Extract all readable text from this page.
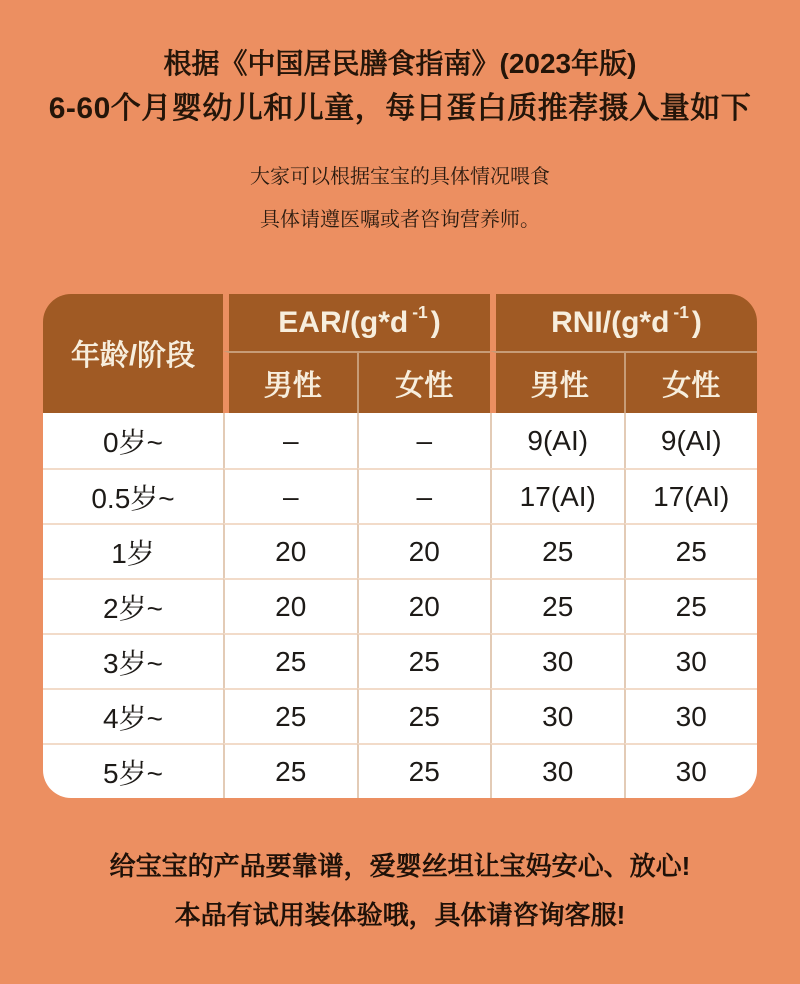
根据《中国居民膳食指南》(2023年版)
6-60个月婴幼儿和儿童，每日蛋白质推荐摄入量如下
大家可以根据宝宝的具体情况喂食
具体请遵医嘱或者咨询营养师。
年龄/阶段
EAR/(g*d -1 )	RNI/(g*d -1 )
男性	女性	男性	女性
0岁~	–	–	9(AI)	9(AI)
0.5岁~	–	–	17(AI)	17(AI)
1岁	20	20	25	25
2岁~	20	20	25	25
3岁~	25	25	30	30
4岁~	25	25	30	30
5岁~	25	25	30	30
给宝宝的产品要靠谱，爱婴丝坦让宝妈安心、放心!
本品有试用装体验哦，具体请咨询客服!
